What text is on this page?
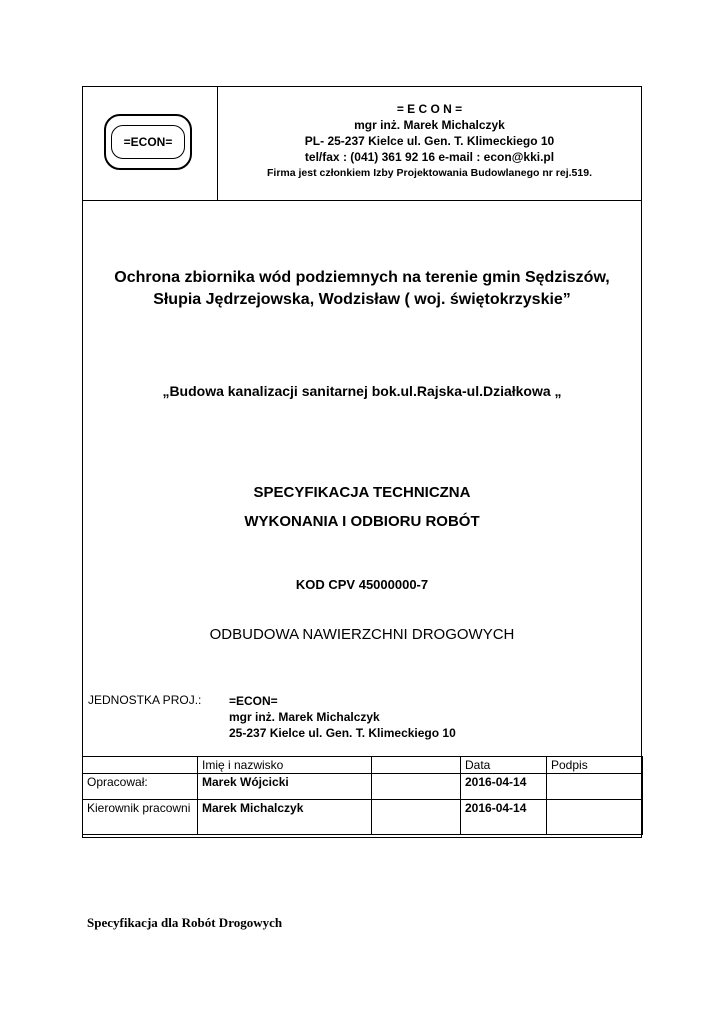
=ECON=
= E C O N =
mgr inż. Marek Michalczyk
PL- 25-237 Kielce ul. Gen. T. Klimeckiego 10
tel/fax : (041) 361 92 16 e-mail : econ@kki.pl
Firma jest członkiem Izby Projektowania Budowlanego nr rej.519.
Ochrona zbiornika wód podziemnych na terenie gmin Sędziszów,
Słupia Jędrzejowska, Wodzisław ( woj. świętokrzyskie”
„Budowa kanalizacji sanitarnej bok.ul.Rajska-ul.Działkowa „
SPECYFIKACJA TECHNICZNA
WYKONANIA I ODBIORU ROBÓT
KOD CPV 45000000-7
ODBUDOWA NAWIERZCHNI DROGOWYCH
JEDNOSTKA PROJ.: =ECON=
mgr inż. Marek Michalczyk
25-237 Kielce ul. Gen. T. Klimeckiego 10
	Imię i nazwisko		Data	Podpis
Opracował:	Marek Wójcicki		2016-04-14	
Kierownik pracowni	Marek Michalczyk		2016-04-14	
Specyfikacja dla Robót Drogowych
